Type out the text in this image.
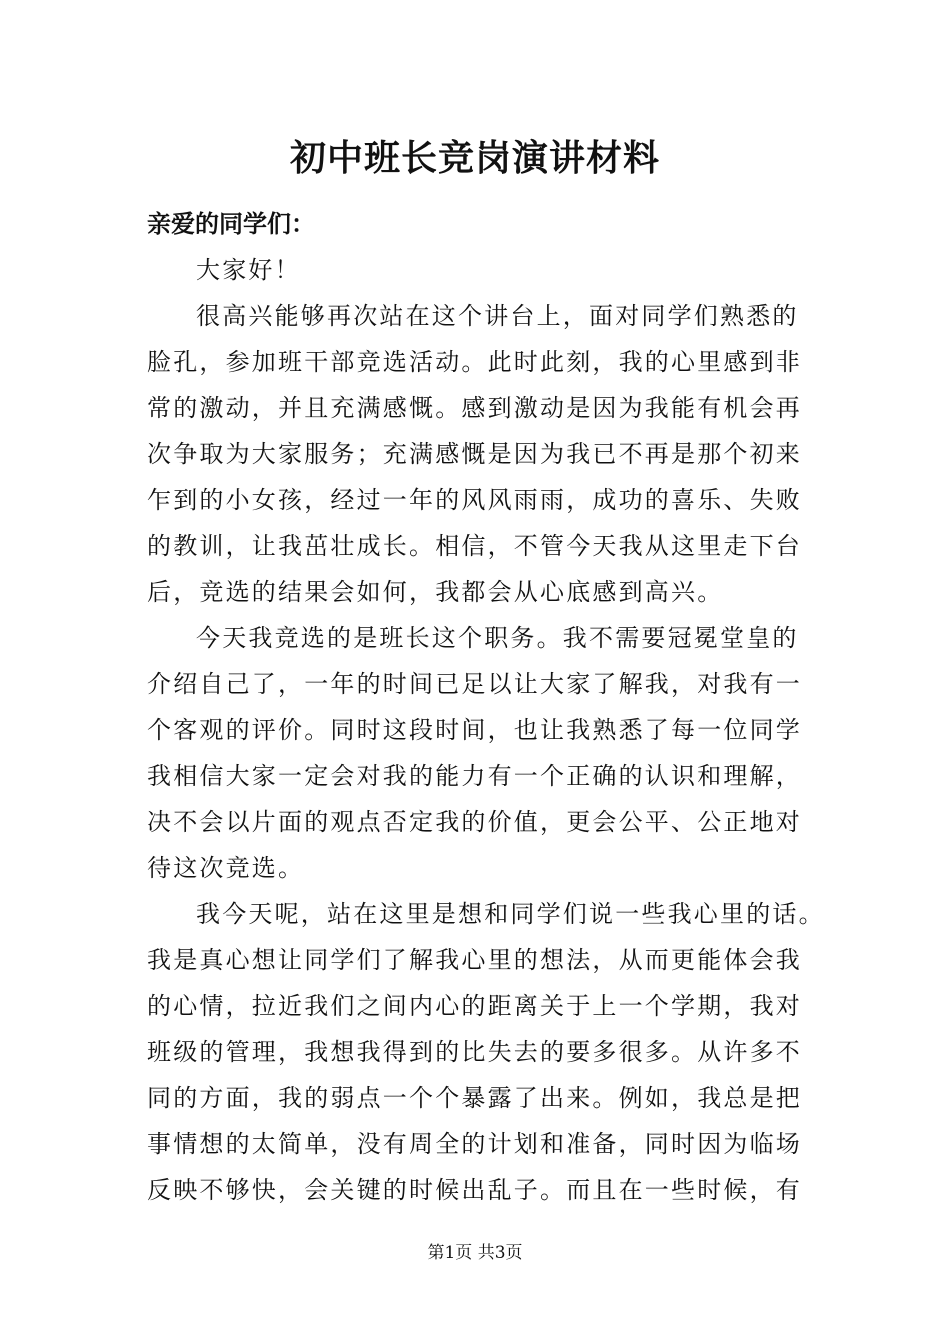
初中班长竞岗演讲材料
亲爱的同学们：
大家好！
很高兴能够再次站在这个讲台上，面对同学们熟悉的
脸孔，参加班干部竞选活动。此时此刻，我的心里感到非
常的激动，并且充满感慨。感到激动是因为我能有机会再
次争取为大家服务；充满感慨是因为我已不再是那个初来
乍到的小女孩，经过一年的风风雨雨，成功的喜乐、失败
的教训，让我茁壮成长。相信，不管今天我从这里走下台
后，竞选的结果会如何，我都会从心底感到高兴。
今天我竞选的是班长这个职务。我不需要冠冕堂皇的
介绍自己了，一年的时间已足以让大家了解我，对我有一
个客观的评价。同时这段时间，也让我熟悉了每一位同学
我相信大家一定会对我的能力有一个正确的认识和理解，
决不会以片面的观点否定我的价值，更会公平、公正地对
待这次竞选。
我今天呢，站在这里是想和同学们说一些我心里的话。
我是真心想让同学们了解我心里的想法，从而更能体会我
的心情，拉近我们之间内心的距离关于上一个学期，我对
班级的管理，我想我得到的比失去的要多很多。从许多不
同的方面，我的弱点一个个暴露了出来。例如，我总是把
事情想的太简单，没有周全的计划和准备，同时因为临场
反映不够快，会关键的时候出乱子。而且在一些时候，有
第1页 共3页
